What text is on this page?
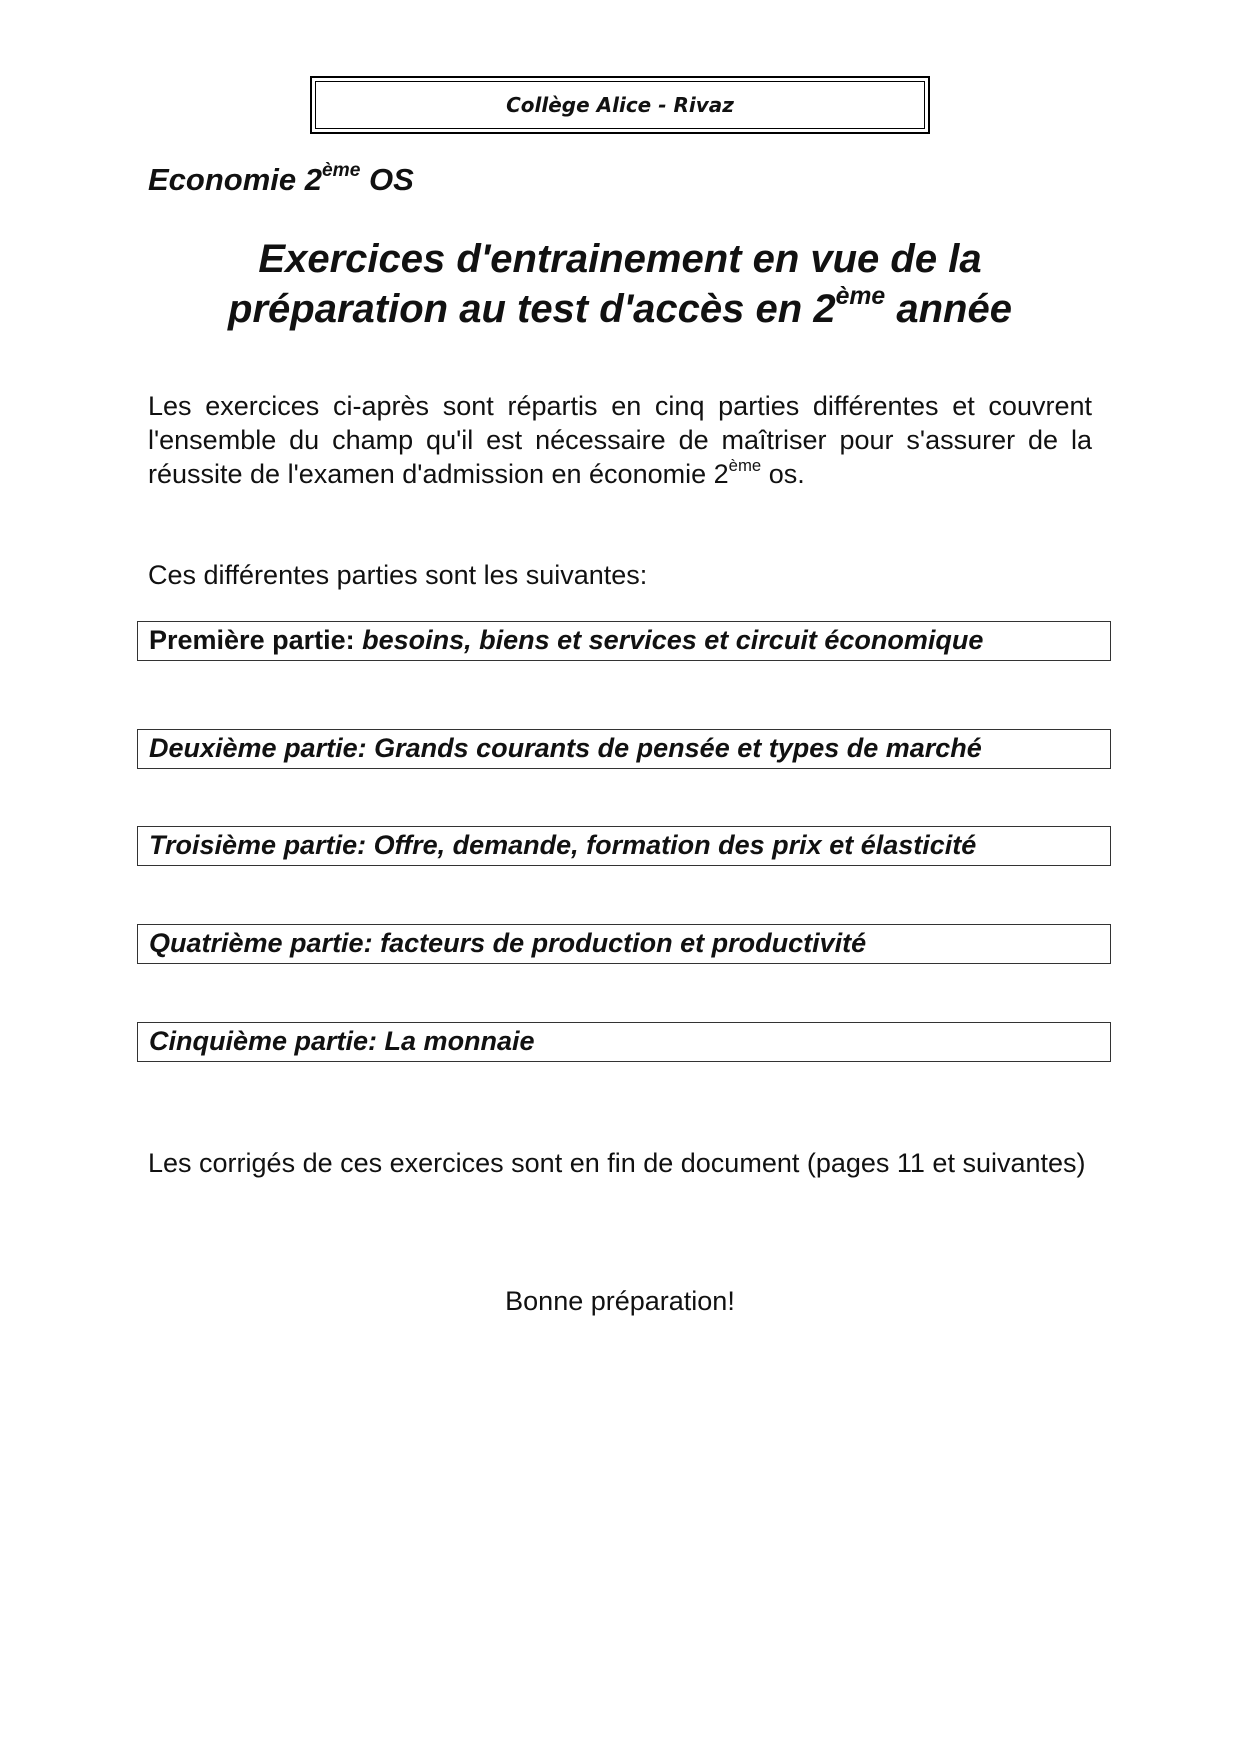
Collège Alice - Rivaz
Economie 2ème OS
Exercices d'entrainement en vue de la
préparation au test d'accès en 2ème année
Les exercices ci-après sont répartis en cinq parties différentes et couvrent l'ensemble du champ qu'il est nécessaire de maîtriser pour s'assurer de la réussite de l'examen d'admission en économie 2ème os.
Ces différentes parties sont les suivantes:
Première partie: besoins, biens et services et circuit économique
Deuxième partie: Grands courants de pensée et types de marché
Troisième partie: Offre, demande, formation des prix et élasticité
Quatrième partie: facteurs de production et productivité
Cinquième partie: La monnaie
Les corrigés de ces exercices sont en fin de document (pages 11 et suivantes)
Bonne préparation!
